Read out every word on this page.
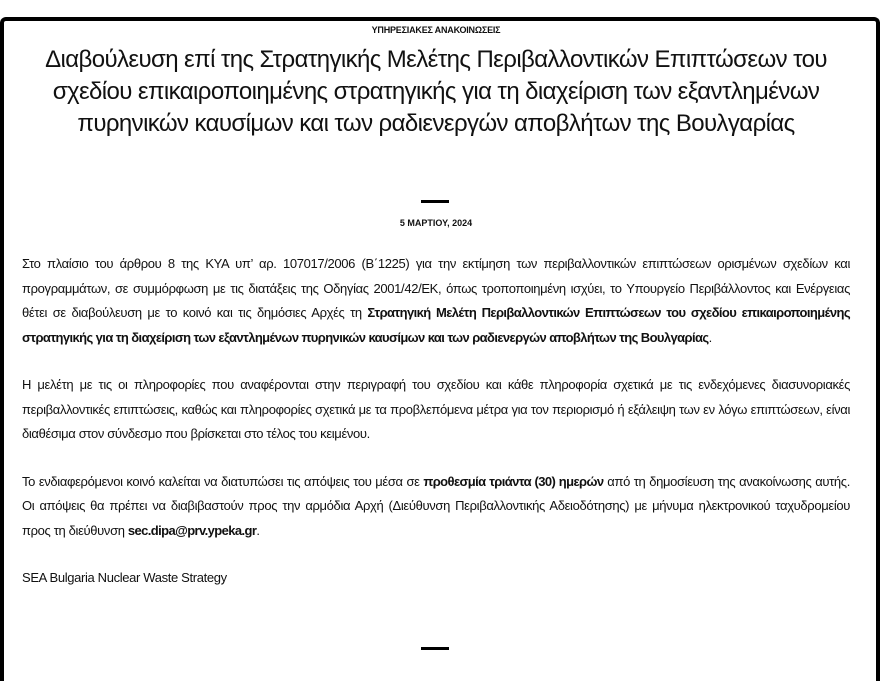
ΥΠΗΡΕΣΙΑΚΕΣ ΑΝΑΚΟΙΝΩΣΕΙΣ
Διαβούλευση επί της Στρατηγικής Μελέτης Περιβαλλοντικών Επιπτώσεων του σχεδίου επικαιροποιημένης στρατηγικής για τη διαχείριση των εξαντλημένων πυρηνικών καυσίμων και των ραδιενεργών αποβλήτων της Βουλγαρίας
5 ΜΑΡΤΙΟΥ, 2024

Στο πλαίσιο του άρθρου 8 της ΚΥΑ υπ’ αρ. 107017/2006 (Β΄1225) για την εκτίμηση των περιβαλλοντικών επιπτώσεων ορισμένων σχεδίων και προγραμμάτων, σε συμμόρφωση με τις διατάξεις της Οδηγίας 2001/42/ΕΚ, όπως τροποποιημένη ισχύει, το Υπουργείο Περιβάλλοντος και Ενέργειας θέτει σε διαβούλευση με το κοινό και τις δημόσιες Αρχές τη Στρατηγική Μελέτη Περιβαλλοντικών Επιπτώσεων του σχεδίου επικαιροποιημένης στρατηγικής για τη διαχείριση των εξαντλημένων πυρηνικών καυσίμων και των ραδιενεργών αποβλήτων της Βουλγαρίας.

Η μελέτη με τις οι πληροφορίες που αναφέρονται στην περιγραφή του σχεδίου και κάθε πληροφορία σχετικά με τις ενδεχόμενες διασυνοριακές περιβαλλοντικές επιπτώσεις, καθώς και πληροφορίες σχετικά με τα προβλεπόμενα μέτρα για τον περιορισμό ή εξάλειψη των εν λόγω επιπτώσεων, είναι διαθέσιμα στον σύνδεσμο που βρίσκεται στο τέλος του κειμένου.

Το ενδιαφερόμενοι κοινό καλείται να διατυπώσει τις απόψεις του μέσα σε προθεσμία τριάντα (30) ημερών από τη δημοσίευση της ανακοίνωσης αυτής. Οι απόψεις θα πρέπει να διαβιβαστούν προς την αρμόδια Αρχή (Διεύθυνση Περιβαλλοντικής Αδειοδότησης) με μήνυμα ηλεκτρονικού ταχυδρομείου προς τη διεύθυνση sec.dipa@prv.ypeka.gr.

SEA Bulgaria Nuclear Waste Strategy
